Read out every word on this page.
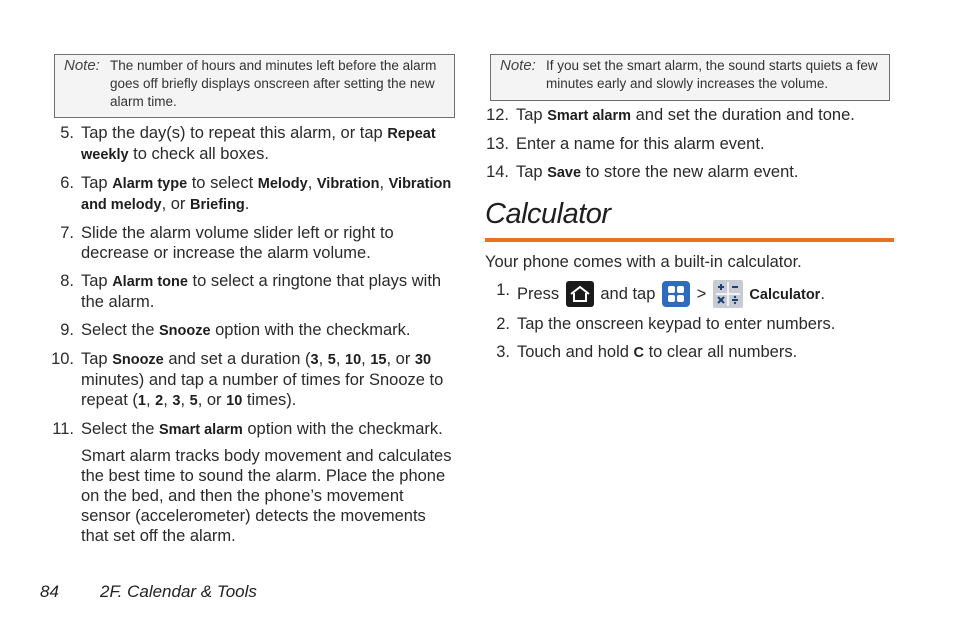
Note: The number of hours and minutes left before the alarm goes off briefly displays onscreen after setting the new alarm time.
Note: If you set the smart alarm, the sound starts quiets a few minutes early and slowly increases the volume.
5. Tap the day(s) to repeat this alarm, or tap Repeat weekly to check all boxes.
6. Tap Alarm type to select Melody, Vibration, Vibration and melody, or Briefing.
7. Slide the alarm volume slider left or right to decrease or increase the alarm volume.
8. Tap Alarm tone to select a ringtone that plays with the alarm.
9. Select the Snooze option with the checkmark.
10. Tap Snooze and set a duration (3, 5, 10, 15, or 30 minutes) and tap a number of times for Snooze to repeat (1, 2, 3, 5, or 10 times).
11. Select the Smart alarm option with the checkmark.
Smart alarm tracks body movement and calculates the best time to sound the alarm. Place the phone on the bed, and then the phone’s movement sensor (accelerometer) detects the movements that set off the alarm.
12. Tap Smart alarm and set the duration and tone.
13. Enter a name for this alarm event.
14. Tap Save to store the new alarm event.
Calculator
Your phone comes with a built-in calculator.
1. Press
and tap
>	Calculator.
2. Tap the onscreen keypad to enter numbers.
3. Touch and hold C to clear all numbers.
84 2F. Calendar & Tools
